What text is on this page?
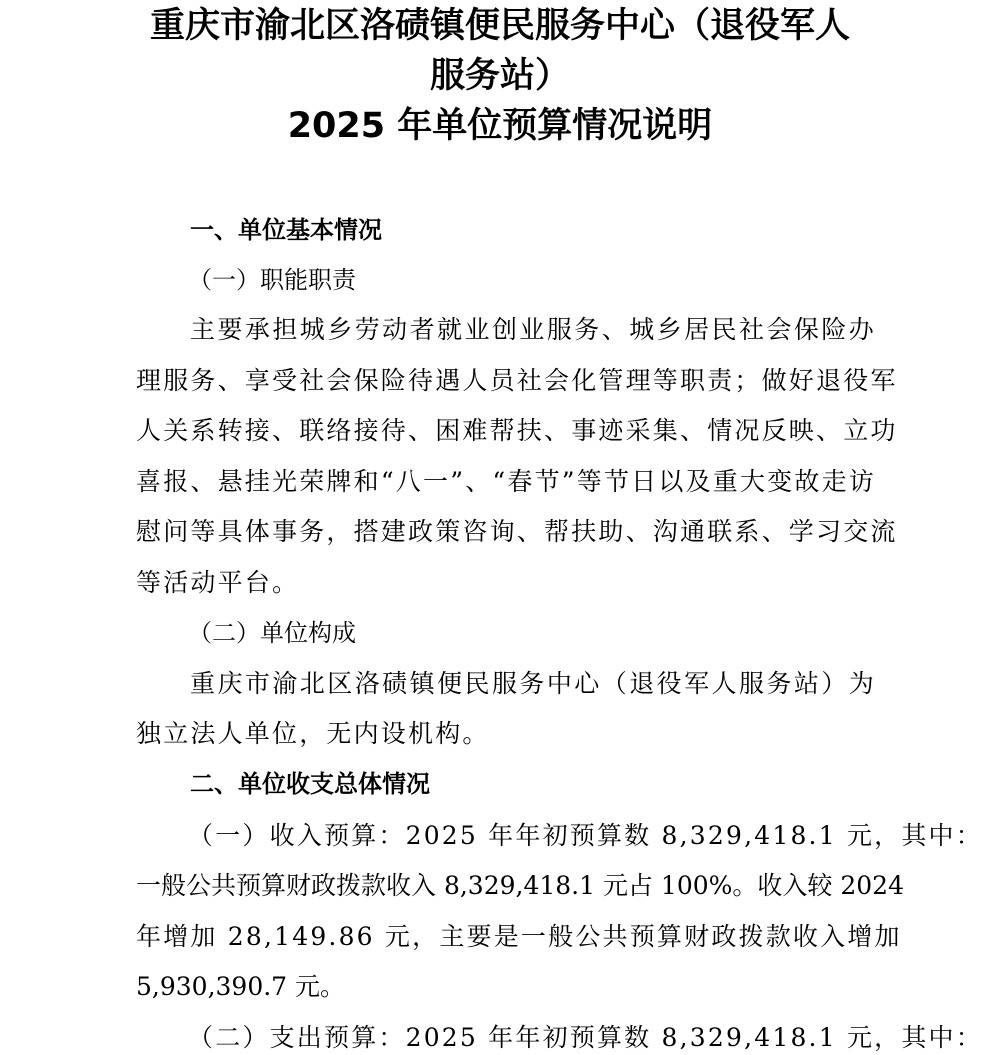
重庆市渝北区洛碛镇便民服务中心（退役军人
服务站）
2025 年单位预算情况说明
一、单位基本情况
（一）职能职责
主要承担城乡劳动者就业创业服务、城乡居民社会保险办
理服务、享受社会保险待遇人员社会化管理等职责；做好退役军
人关系转接、联络接待、困难帮扶、事迹采集、情况反映、立功
喜报、悬挂光荣牌和“八一”、“春节”等节日以及重大变故走访
慰问等具体事务，搭建政策咨询、帮扶助、沟通联系、学习交流
等活动平台。
（二）单位构成
重庆市渝北区洛碛镇便民服务中心（退役军人服务站）为
独立法人单位，无内设机构。
二、单位收支总体情况
（一）收入预算：2025 年年初预算数 8,329,418.1 元，其中：
一般公共预算财政拨款收入 8,329,418.1 元占 100%。收入较 2024
年增加 28,149.86 元，主要是一般公共预算财政拨款收入增加
5,930,390.7 元。
（二）支出预算：2025 年年初预算数 8,329,418.1 元，其中：
